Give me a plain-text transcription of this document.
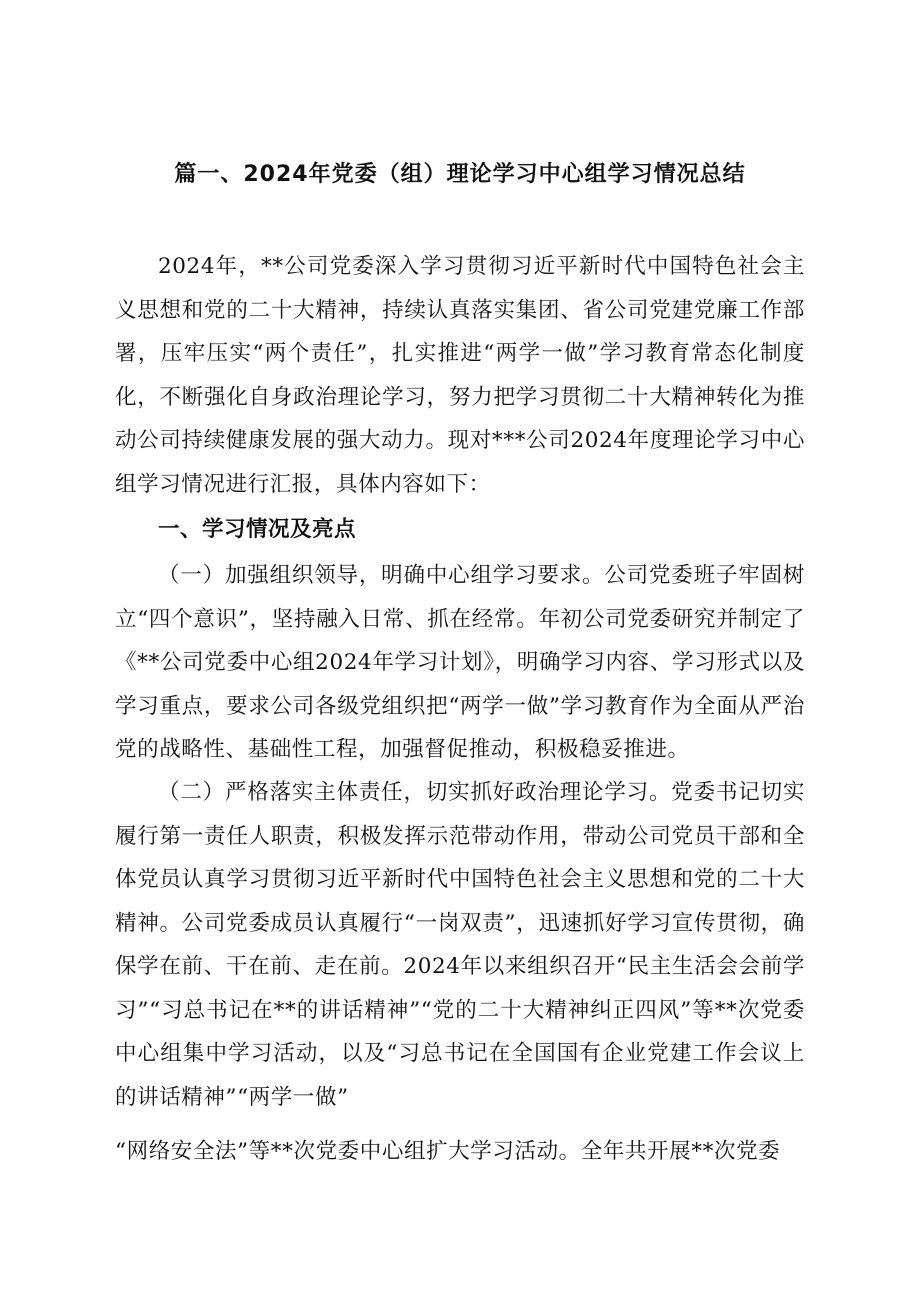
篇一、2024年党委（组）理论学习中心组学习情况总结

2024年，**公司党委深入学习贯彻习近平新时代中国特色社会主义思想和党的二十大精神，持续认真落实集团、省公司党建党廉工作部署，压牢压实“两个责任”，扎实推进“两学一做”学习教育常态化制度化，不断强化自身政治理论学习，努力把学习贯彻二十大精神转化为推动公司持续健康发展的强大动力。现对***公司2024年度理论学习中心组学习情况进行汇报，具体内容如下：

一、学习情况及亮点

（一）加强组织领导，明确中心组学习要求。公司党委班子牢固树立“四个意识”，坚持融入日常、抓在经常。年初公司党委研究并制定了《**公司党委中心组2024年学习计划》，明确学习内容、学习形式以及学习重点，要求公司各级党组织把“两学一做”学习教育作为全面从严治党的战略性、基础性工程，加强督促推动，积极稳妥推进。

（二）严格落实主体责任，切实抓好政治理论学习。党委书记切实履行第一责任人职责，积极发挥示范带动作用，带动公司党员干部和全体党员认真学习贯彻习近平新时代中国特色社会主义思想和党的二十大精神。公司党委成员认真履行“一岗双责”，迅速抓好学习宣传贯彻，确保学在前、干在前、走在前。2024年以来组织召开“民主生活会会前学习”“习总书记在**的讲话精神”“党的二十大精神纠正四风”等**次党委中心组集中学习活动，以及“习总书记在全国国有企业党建工作会议上的讲话精神”“两学一做”

“网络安全法”等**次党委中心组扩大学习活动。全年共开展**次党委
